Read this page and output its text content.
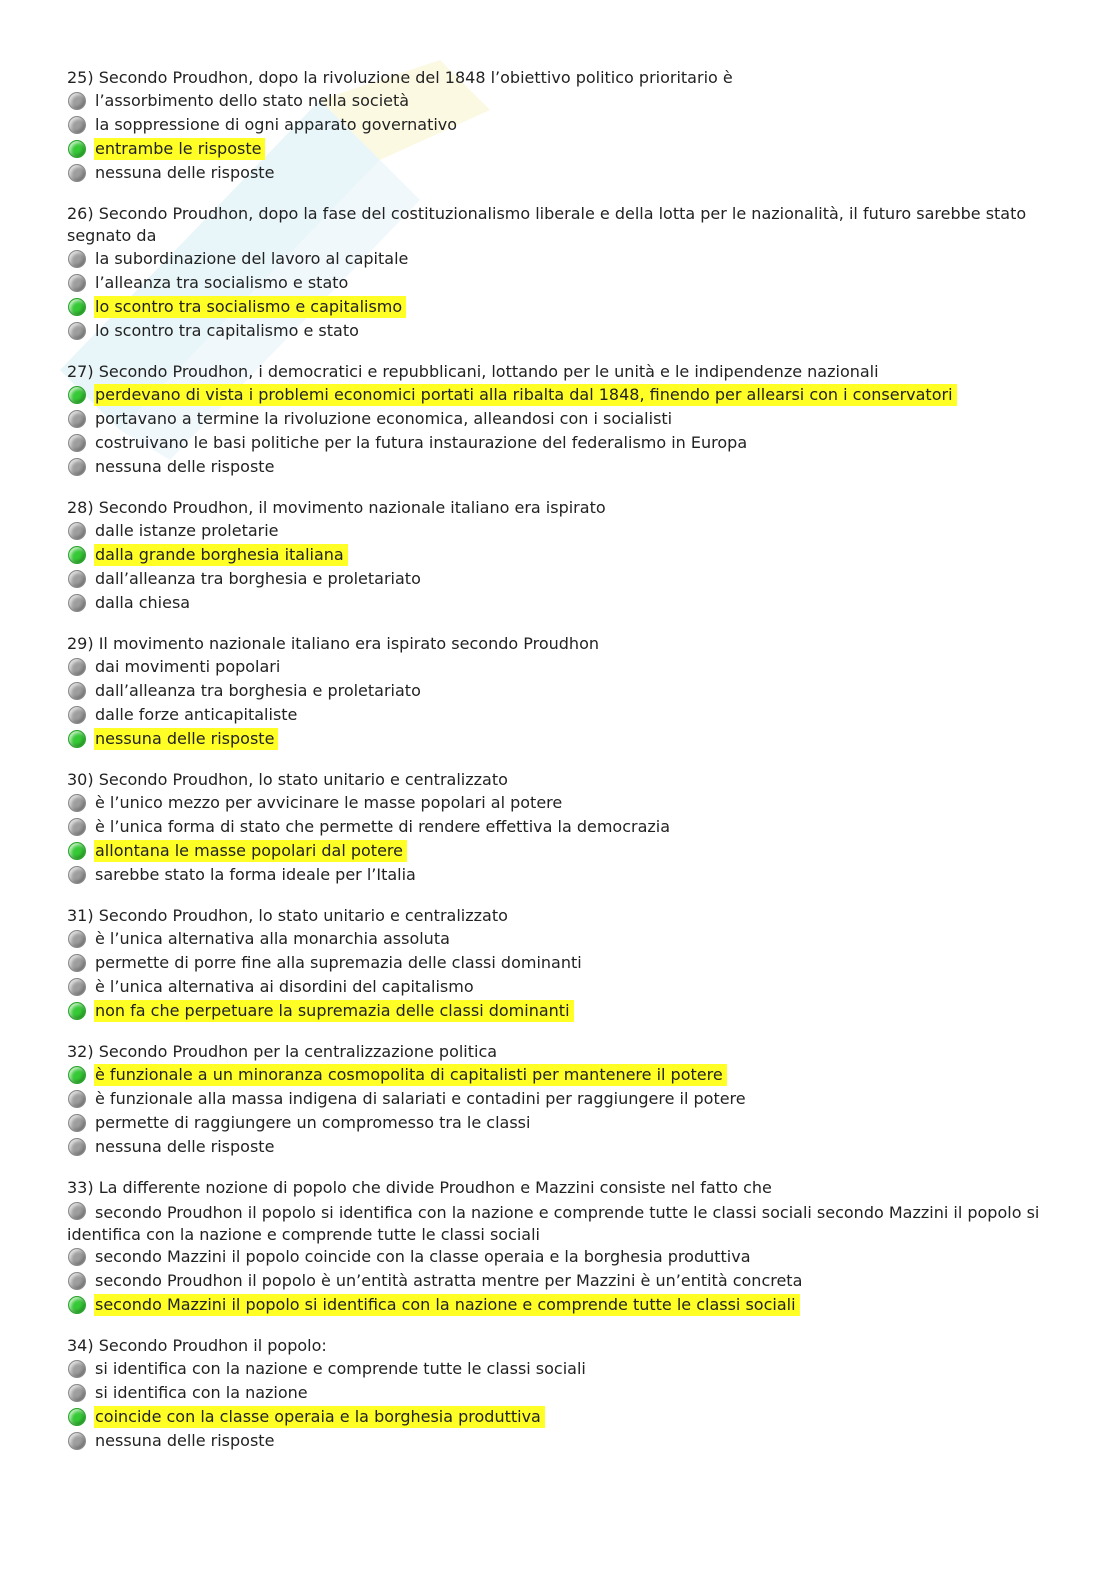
25) Secondo Proudhon, dopo la rivoluzione del 1848 l’obiettivo politico prioritario è
l’assorbimento dello stato nella società
la soppressione di ogni apparato governativo
entrambe le risposte
nessuna delle risposte
26) Secondo Proudhon, dopo la fase del costituzionalismo liberale e della lotta per le nazionalità, il futuro sarebbe stato segnato da
la subordinazione del lavoro al capitale
l’alleanza tra socialismo e stato
lo scontro tra socialismo e capitalismo
lo scontro tra capitalismo e stato
27) Secondo Proudhon, i democratici e repubblicani, lottando per le unità e le indipendenze nazionali
perdevano di vista i problemi economici portati alla ribalta dal 1848, finendo per allearsi con i conservatori
portavano a termine la rivoluzione economica, alleandosi con i socialisti
costruivano le basi politiche per la futura instaurazione del federalismo in Europa
nessuna delle risposte
28) Secondo Proudhon, il movimento nazionale italiano era ispirato
dalle istanze proletarie
dalla grande borghesia italiana
dall’alleanza tra borghesia e proletariato
dalla chiesa
29) Il movimento nazionale italiano era ispirato secondo Proudhon
dai movimenti popolari
dall’alleanza tra borghesia e proletariato
dalle forze anticapitaliste
nessuna delle risposte
30) Secondo Proudhon, lo stato unitario e centralizzato
è l’unico mezzo per avvicinare le masse popolari al potere
è l’unica forma di stato che permette di rendere effettiva la democrazia
allontana le masse popolari dal potere
sarebbe stato la forma ideale per l’Italia
31) Secondo Proudhon, lo stato unitario e centralizzato
è l’unica alternativa alla monarchia assoluta
permette di porre fine alla supremazia delle classi dominanti
è l’unica alternativa ai disordini del capitalismo
non fa che perpetuare la supremazia delle classi dominanti
32) Secondo Proudhon per la centralizzazione politica
è funzionale a un minoranza cosmopolita di capitalisti per mantenere il potere
è funzionale alla massa indigena di salariati e contadini per raggiungere il potere
permette di raggiungere un compromesso tra le classi
nessuna delle risposte
33) La differente nozione di popolo che divide Proudhon e Mazzini consiste nel fatto che
secondo Proudhon il popolo si identifica con la nazione e comprende tutte le classi sociali secondo Mazzini il popolo si identifica con la nazione e comprende tutte le classi sociali
secondo Mazzini il popolo coincide con la classe operaia e la borghesia produttiva
secondo Proudhon il popolo è un’entità astratta mentre per Mazzini è un’entità concreta
secondo Mazzini il popolo si identifica con la nazione e comprende tutte le classi sociali
34) Secondo Proudhon il popolo:
si identifica con la nazione e comprende tutte le classi sociali
si identifica con la nazione
coincide con la classe operaia e la borghesia produttiva
nessuna delle risposte
